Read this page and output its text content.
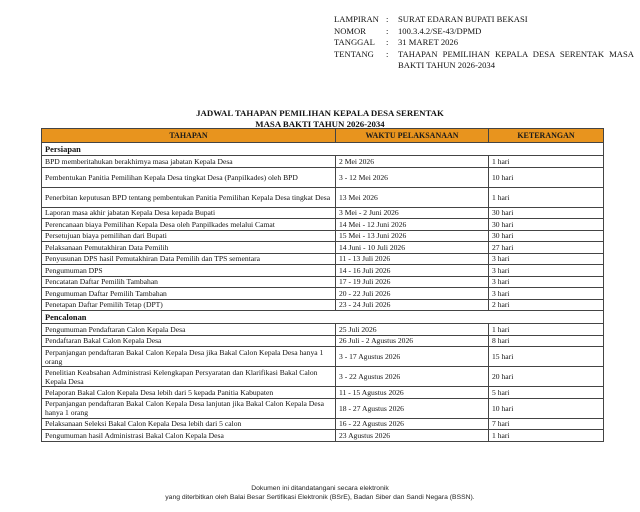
LAMPIRAN :	SURAT EDARAN BUPATI BEKASI
NOMOR	:	100.3.4.2/SE-43/DPMD
TANGGAL	:	31 MARET 2026
TENTANG	:	TAHAPAN PEMILIHAN KEPALA DESA SERENTAK MASA BAKTI TAHUN 2026-2034
JADWAL TAHAPAN PEMILIHAN KEPALA DESA SERENTAK
MASA BAKTI TAHUN 2026-2034
TAHAPAN	WAKTU PELAKSANAAN	KETERANGAN
Persiapan		
BPD memberitahukan berakhirnya masa jabatan Kepala Desa	2 Mei 2026	1 hari
Pembentukan Panitia Pemilihan Kepala Desa tingkat Desa (Panpilkades) oleh BPD	3 - 12 Mei 2026	10 hari
Penerbitan keputusan BPD tentang pembentukan Panitia Pemilihan Kepala Desa tingkat Desa	13 Mei 2026	1 hari
Laporan masa akhir jabatan Kepala Desa kepada Bupati	3 Mei - 2 Juni 2026	30 hari
Perencanaan biaya Pemilihan Kepala Desa oleh Panpilkades melalui Camat	14 Mei - 12 Juni 2026	30 hari
Persetujuan biaya pemilihan dari Bupati	15 Mei - 13 Juni 2026	30 hari
Pelaksanaan Pemutakhiran Data Pemilih	14 Juni - 10 Juli 2026	27 hari
Penyusunan DPS hasil Pemutakhiran Data Pemilih dan TPS sementara	11 - 13 Juli 2026	3 hari
Pengumuman DPS	14 - 16 Juli 2026	3 hari
Pencatatan Daftar Pemilih Tambahan	17 - 19 Juli 2026	3 hari
Pengumuman Daftar Pemilih Tambahan	20 - 22 Juli 2026	3 hari
Penetapan Daftar Pemilih Tetap (DPT)	23 - 24 Juli 2026	2 hari
Pencalonan		
Pengumuman Pendaftaran Calon Kepala Desa	25 Juli 2026	1 hari
Pendaftaran Bakal Calon Kepala Desa	26 Juli - 2 Agustus 2026	8 hari
Perpanjangan pendaftaran Bakal Calon Kepala Desa jika Bakal Calon Kepala Desa hanya 1 orang	3 - 17 Agustus 2026	15 hari
Penelitian Keabsahan Administrasi Kelengkapan Persyaratan dan Klarifikasi Bakal Calon Kepala Desa	3 - 22 Agustus 2026	20 hari
Pelaporan Bakal Calon Kepala Desa lebih dari 5 kepada Panitia Kabupaten	11 - 15 Agustus 2026	5 hari
Perpanjangan pendaftaran Bakal Calon Kepala Desa lanjutan jika Bakal Calon Kepala Desa hanya 1 orang	18 - 27 Agustus 2026	10 hari
Pelaksanaan Seleksi Bakal Calon Kepala Desa lebih dari 5 calon	16 - 22 Agustus 2026	7 hari
Pengumuman hasil Administrasi Bakal Calon Kepala Desa	23 Agustus 2026	1 hari
Dokumen ini ditandatangani secara elektronik
yang diterbitkan oleh Balai Besar Sertifikasi Elektronik (BSrE), Badan Siber dan Sandi Negara (BSSN).
